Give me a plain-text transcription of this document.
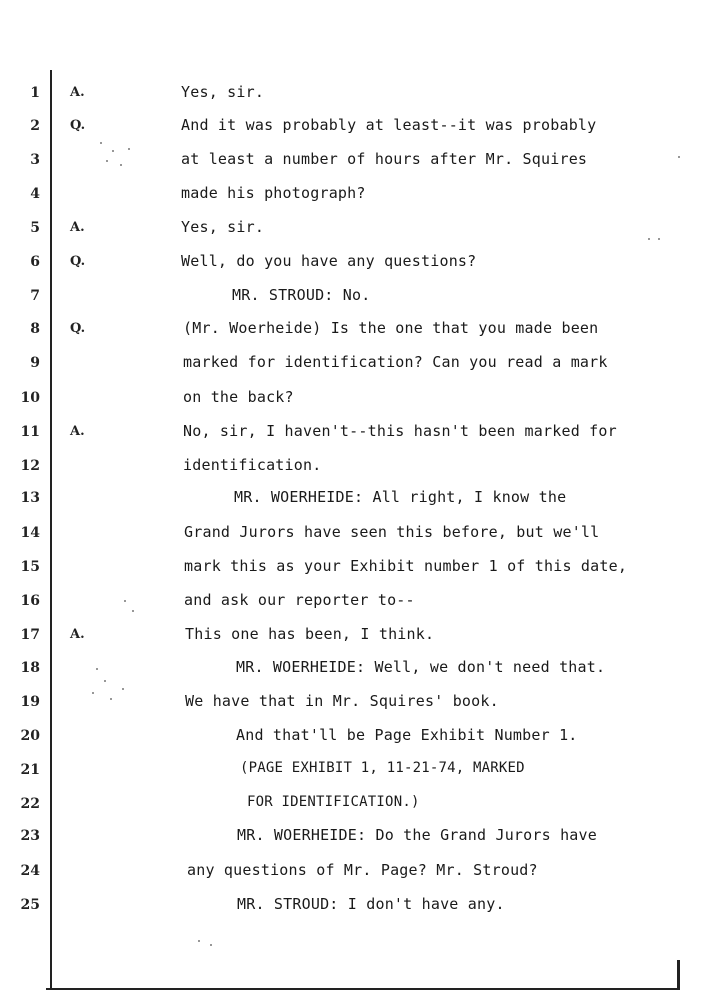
1 A.	Yes, sir.
2 Q.	And it was probably at least--it was probably
3	at least a number of hours after Mr. Squires
4	made his photograph?
5 A.	Yes, sir.
6 Q.	Well, do you have any questions?
7	MR. STROUD: No.
8 Q.	(Mr. Woerheide) Is the one that you made been
9	marked for identification? Can you read a mark
10	on the back?
11 A.	No, sir, I haven't--this hasn't been marked for
12	identification.
13	MR. WOERHEIDE: All right, I know the
14	Grand Jurors have seen this before, but we'll
15	mark this as your Exhibit number 1 of this date,
16	and ask our reporter to--
17 A.	This one has been, I think.
18	MR. WOERHEIDE: Well, we don't need that.
19	We have that in Mr. Squires' book.
20	And that'll be Page Exhibit Number 1.
21	(PAGE EXHIBIT 1, 11-21-74, MARKED
22	FOR IDENTIFICATION.)
23	MR. WOERHEIDE: Do the Grand Jurors have
24	any questions of Mr. Page? Mr. Stroud?
25	MR. STROUD: I don't have any.
